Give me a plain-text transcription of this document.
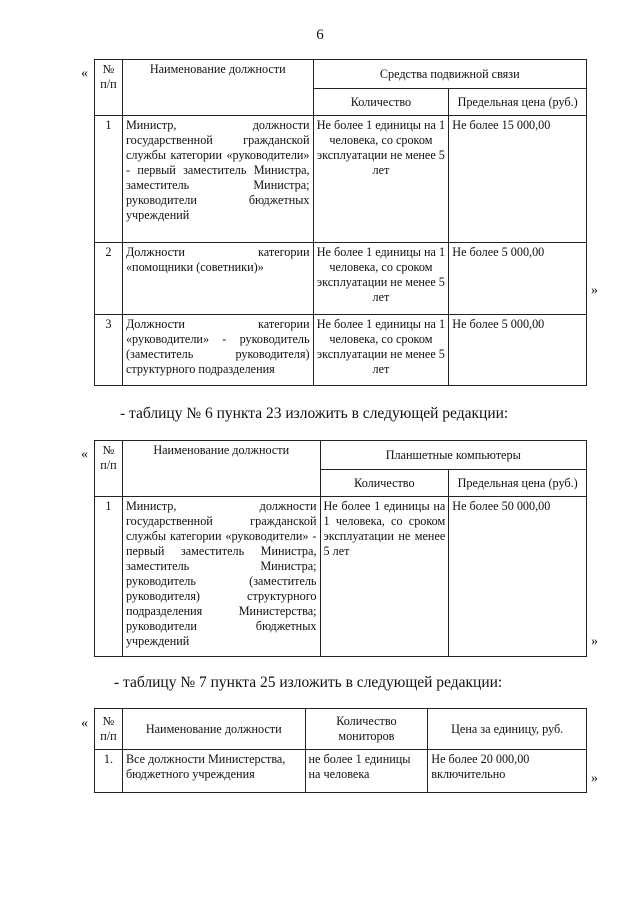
6
« № п/п	Наименование должности	Средства подвижной связи	
		Количество	Предельная цена (руб.)
1	Министр, должности государственной гражданской службы категории «руководители» - первый заместитель Министра, заместитель Министра; руководители бюджетных учреждений	Не более 1 единицы на 1 человека, со сроком эксплуатации не менее 5 лет	Не более 15 000,00
2	Должности категории «помощники (советники)»	Не более 1 единицы на 1 человека, со сроком эксплуатации не менее 5 лет	Не более 5 000,00
3	Должности категории «руководители» - руководитель (заместитель руководителя) структурного подразделения	Не более 1 единицы на 1 человека, со сроком эксплуатации не менее 5 лет	Не более 5 000,00
»
- таблицу № 6 пункта 23 изложить в следующей редакции:
« № п/п	Наименование должности	Планшетные компьютеры	
		Количество	Предельная цена (руб.)
1	Министр, должности государственной гражданской службы категории «руководители» - первый заместитель Министра, заместитель Министра; руководитель (заместитель руководителя) структурного подразделения Министерства; руководители бюджетных учреждений	Не более 1 единицы на 1 человека, со сроком эксплуатации не менее 5 лет	Не более 50 000,00
»
- таблицу № 7 пункта 25 изложить в следующей редакции:
« № п/п	Наименование должности	Количество мониторов	Цена за единицу, руб.
1.	Все должности Министерства, бюджетного учреждения	не более 1 единицы на человека	Не более 20 000,00 включительно	»
